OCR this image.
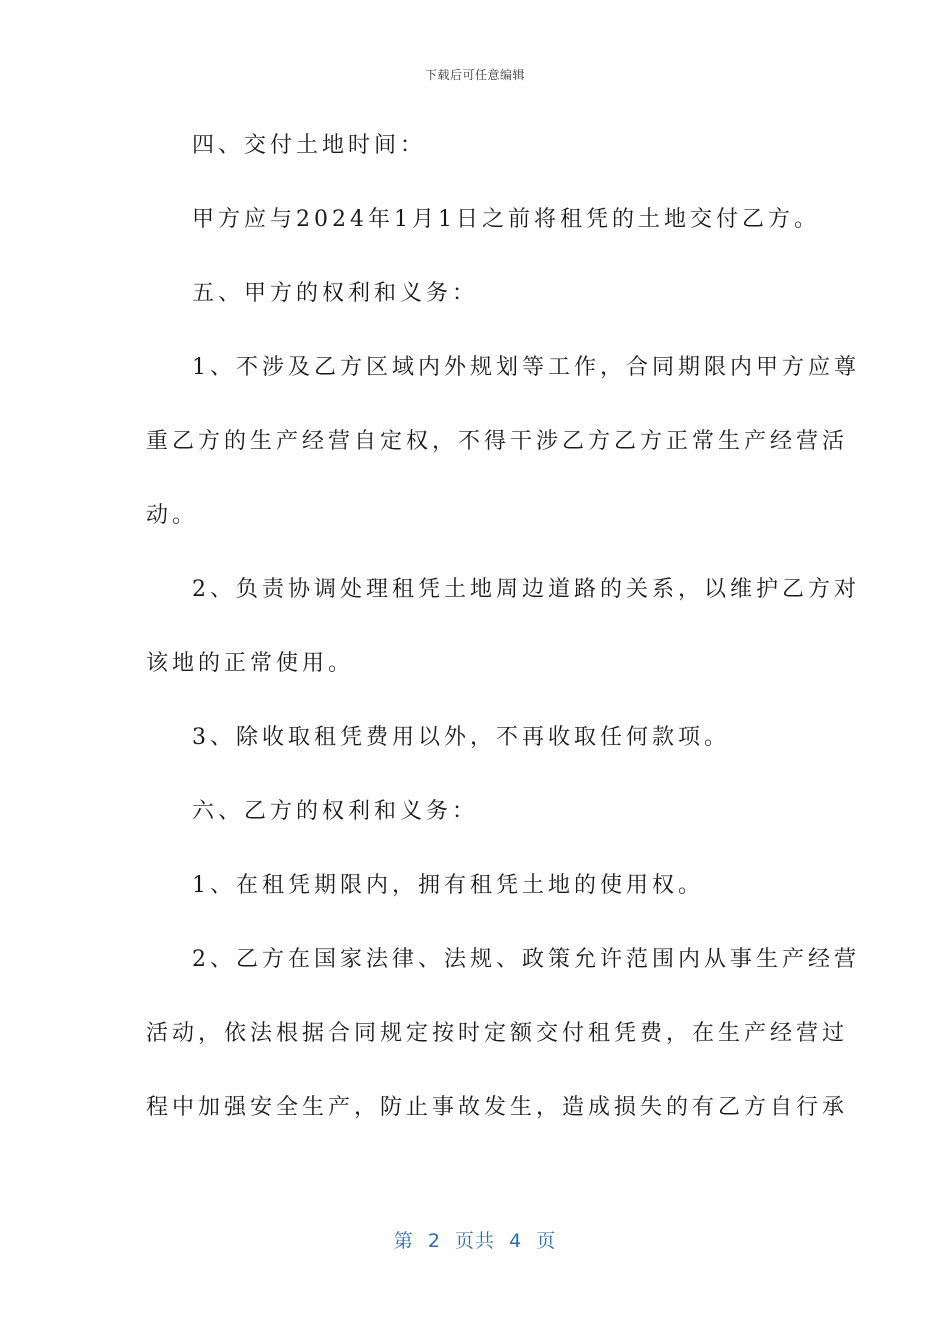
下载后可任意编辑
四、交付土地时间：
甲方应与2024年1月1日之前将租凭的土地交付乙方。
五、甲方的权利和义务：
1、不涉及乙方区域内外规划等工作，合同期限内甲方应尊
重乙方的生产经营自定权，不得干涉乙方乙方正常生产经营活
动。
2、负责协调处理租凭土地周边道路的关系，以维护乙方对
该地的正常使用。
3、除收取租凭费用以外，不再收取任何款项。
六、乙方的权利和义务：
1、在租凭期限内，拥有租凭土地的使用权。
2、乙方在国家法律、法规、政策允许范围内从事生产经营
活动，依法根据合同规定按时定额交付租凭费，在生产经营过
程中加强安全生产，防止事故发生，造成损失的有乙方自行承
第  2  页共  4  页
